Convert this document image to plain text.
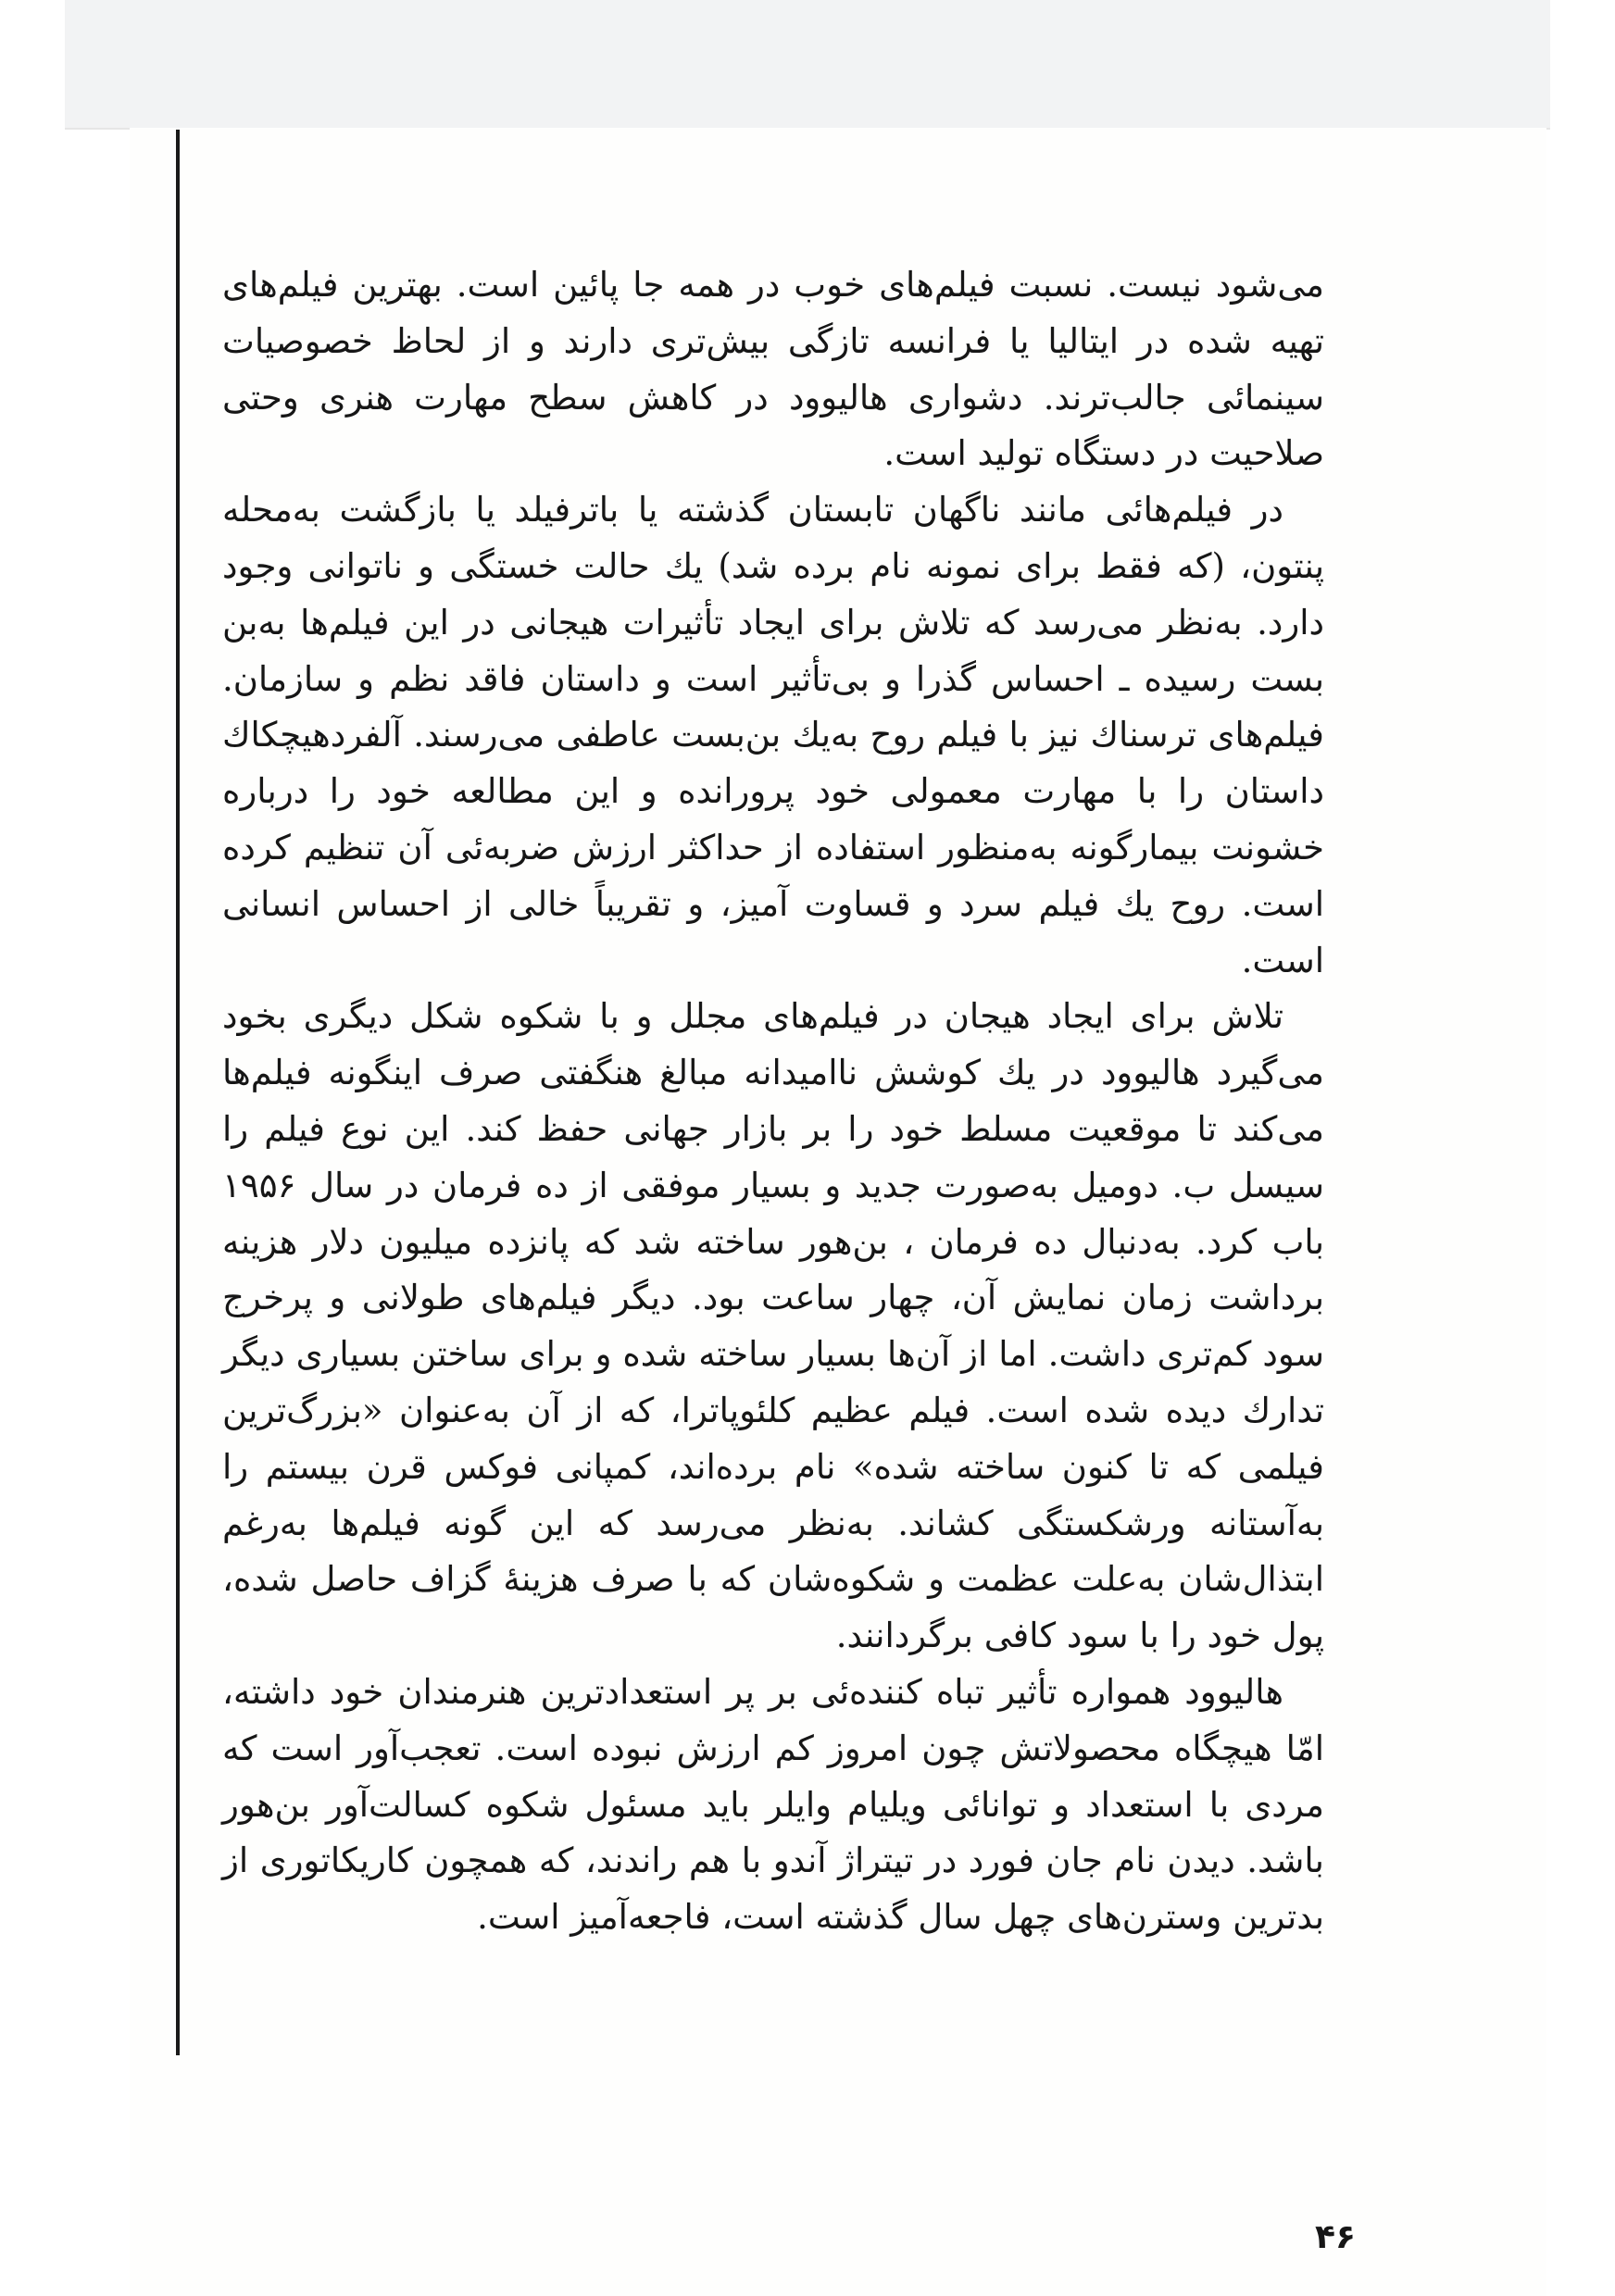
می‌شود نیست. نسبت فیلم‌های خوب در همه جا پائین است. بهترین فیلم‌های تهیه شده در ایتالیا یا فرانسه تازگی بیش‌تری دارند و از لحاظ خصوصیات سینمائی جالب‌ترند. دشواری هالیوود در کاهش سطح مهارت هنری وحتی صلاحیت در دستگاه تولید است.

در فیلم‌هائی مانند ناگهان تابستان گذشته یا باترفیلد یا بازگشت به‌محله پنتون، (که فقط برای نمونه نام برده شد) یك حالت خستگی و ناتوانی وجود دارد. به‌نظر می‌رسد که تلاش برای ایجاد تأثیرات هیجانی در این فیلم‌ها به‌بن بست رسیده ـ احساس گذرا و بی‌تأثیر است و داستان فاقد نظم و سازمان. فیلم‌های ترسناك نیز با فیلم روح به‌یك بن‌بست عاطفی می‌رسند. آلفردهیچکاك داستان را با مهارت معمولی خود پرورانده و این مطالعه خود را درباره خشونت بیمارگونه به‌منظور استفاده از حداکثر ارزش ضربه‌ئی آن تنظیم کرده است. روح یك فیلم سرد و قساوت آمیز، و تقریباً خالی از احساس انسانی است.

تلاش برای ایجاد هیجان در فیلم‌های مجلل و با شکوه شکل دیگری بخود می‌گیرد هالیوود در یك کوشش ناامیدانه مبالغ هنگفتی صرف اینگونه فیلم‌ها می‌کند تا موقعیت مسلط خود را بر بازار جهانی حفظ کند. این نوع فیلم را سیسل ب. دومیل به‌صورت جدید و بسیار موفقی از ده فرمان در سال ۱۹۵۶ باب کرد. به‌دنبال ده فرمان ، بن‌هور ساخته شد که پانزده میلیون دلار هزینه برداشت زمان نمایش آن، چهار ساعت بود. دیگر فیلم‌های طولانی و پرخرج سود کم‌تری داشت. اما از آن‌ها بسیار ساخته شده و برای ساختن بسیاری دیگر تدارك دیده شده است. فیلم عظیم کلئوپاترا، که از آن به‌عنوان «بزرگ‌ترین فیلمی که تا کنون ساخته شده» نام برده‌اند، کمپانی فوکس قرن بیستم را به‌آستانه ورشکستگی کشاند. به‌نظر می‌رسد که این گونه فیلم‌ها به‌رغم ابتذال‌شان به‌علت عظمت و شکوه‌شان که با صرف هزینهٔ گزاف حاصل شده، پول خود را با سود کافی برگردانند.

هالیوود همواره تأثیر تباه کننده‌ئی بر پر استعدادترین هنرمندان خود داشته، امّا هیچگاه محصولاتش چون امروز کم ارزش نبوده است. تعجب‌آور است که مردی با استعداد و توانائی ویلیام وایلر باید مسئول شکوه کسالت‌آور بن‌هور باشد. دیدن نام جان فورد در تیتراژ آندو با هم راندند، که همچون کاریکاتوری از بدترین وسترن‌های چهل سال گذشته است، فاجعه‌آمیز است.

۴۶
